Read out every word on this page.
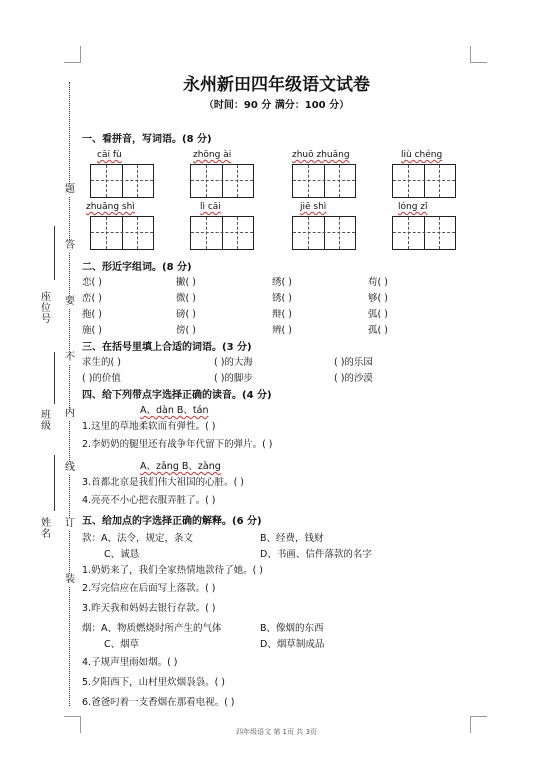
题
答
要
不
内
线
订
装
座位号
班级
姓名
永州新田四年级语文试卷
（时间：90 分 满分：100 分）
一、看拼音，写词语。(8 分)
cāi fù	zhōng ài	zhuō zhuāng	liù chéng
zhuāng shì	lì cāi	jiē shì	lóng zǐ
二、形近字组词。(8 分)
恋( )	撇( )	绣( )	苟( )
峦( )	微( )	锈( )	够( )
拖( )	磅( )	辩( )	弧( )
施( )	傍( )	辨( )	孤( )
三、在括号里填上合适的词语。(3 分)
求生的( )	( )的大海	( )的乐园
( )的价值	( )的脚步	( )的沙漠
四、给下列带点字选择正确的读音。(4 分)
A、dàn B、tán
1.这里的草地柔软而有弹性。( )
2.李奶奶的腿里还有战争年代留下的弹片。( )
A、zāng B、zàng
3.首都北京是我们伟大祖国的心脏。( )
4.亮亮不小心把衣服弄脏了。( )
五、给加点的字选择正确的解释。(6 分)
款：A、法令，规定，条文	B、经费，钱财
C、诚恳	D、书画、信件落款的名字
1.奶奶来了，我们全家热情地款待了她。( )
2.写完信应在后面写上落款。( )
3.昨天我和妈妈去银行存款。( )
烟：A、物质燃烧时所产生的气体	B、像烟的东西
C、烟草	D、烟草制成品
4.子规声里雨如烟。( )
5.夕阳西下，山村里炊烟袅袅。( )
6.爸爸叼着一支香烟在那看电视。( )
四年级语文 第 1页 共 3页
